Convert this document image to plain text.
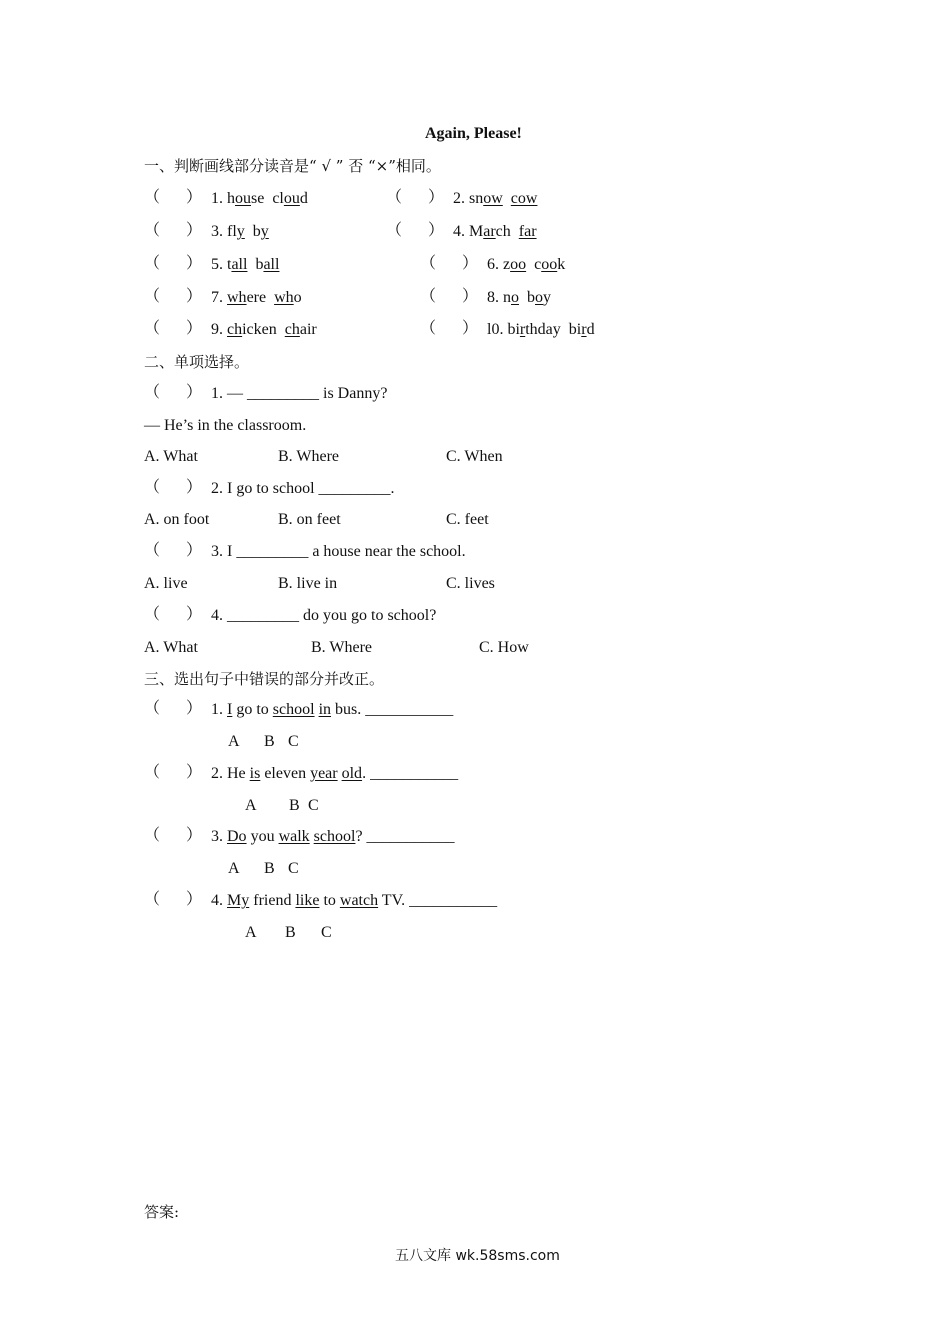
Again, Please!
一、判断画线部分读音是“ √ ” 否 “×”相同。
（ ） 1. house  cloud	（ ） 2. snow cow
（ ） 3. fly  by	（ ） 4. March  far
（ ） 5. tall  ball	（ ） 6. zoo  cook
（ ） 7. where  who	（ ） 8. no  boy
（ ） 9. chicken  chair	（ ） l0. birthday  bird
二、单项选择。
（ ） 1. — _________ is Danny?
— He’s in the classroom.
A. What	B. Where	C. When
（ ） 2. I go to school _________.
A. on foot	B. on feet	C. feet
（ ） 3. I _________ a house near the school.
A. live	B. live in	C. lives
（ ） 4. _________ do you go to school?
A. What	B. Where	C. How
三、选出句子中错误的部分并改正。
（ ） 1. I go to school in bus. ___________
A B C
（ ） 2. He is eleven year old. ___________
A B C
（ ） 3. Do you walk school? ___________
A B C
（ ） 4. My friend like to watch TV. ___________
A B C
答案:
五八文库 wk.58sms.com
